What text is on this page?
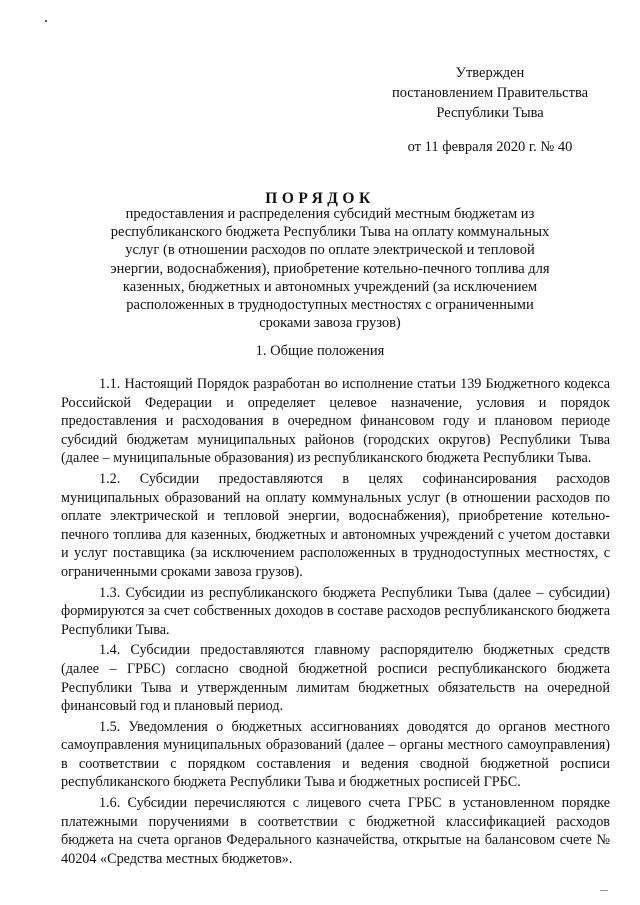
Утвержден
постановлением Правительства
Республики Тыва
от 11 февраля 2020 г. № 40
ПОРЯДОК
предоставления и распределения субсидий местным бюджетам из республиканского бюджета Республики Тыва на оплату коммунальных услуг (в отношении расходов по оплате электрической и тепловой энергии, водоснабжения), приобретение котельно-печного топлива для казенных, бюджетных и автономных учреждений (за исключением расположенных в труднодоступных местностях с ограниченными сроками завоза грузов)
1. Общие положения

1.1. Настоящий Порядок разработан во исполнение статьи 139 Бюджетного кодекса Российской Федерации и определяет целевое назначение, условия и порядок предоставления и расходования в очередном финансовом году и плановом периоде субсидий бюджетам муниципальных районов (городских округов) Республики Тыва (далее – муниципальные образования) из республиканского бюджета Республики Тыва.

1.2. Субсидии предоставляются в целях софинансирования расходов муниципальных образований на оплату коммунальных услуг (в отношении расходов по оплате электрической и тепловой энергии, водоснабжения), приобретение котельно-печного топлива для казенных, бюджетных и автономных учреждений с учетом доставки и услуг поставщика (за исключением расположенных в труднодоступных местностях, с ограниченными сроками завоза грузов).

1.3. Субсидии из республиканского бюджета Республики Тыва (далее – субсидии) формируются за счет собственных доходов в составе расходов республиканского бюджета Республики Тыва.

1.4. Субсидии предоставляются главному распорядителю бюджетных средств (далее – ГРБС) согласно сводной бюджетной росписи республиканского бюджета Республики Тыва и утвержденным лимитам бюджетных обязательств на очередной финансовый год и плановый период.

1.5. Уведомления о бюджетных ассигнованиях доводятся до органов местного самоуправления муниципальных образований (далее – органы местного самоуправления) в соответствии с порядком составления и ведения сводной бюджетной росписи республиканского бюджета Республики Тыва и бюджетных росписей ГРБС.

1.6. Субсидии перечисляются с лицевого счета ГРБС в установленном порядке платежными поручениями в соответствии с бюджетной классификацией расходов бюджета на счета органов Федерального казначейства, открытые на балансовом счете № 40204 «Средства местных бюджетов».
